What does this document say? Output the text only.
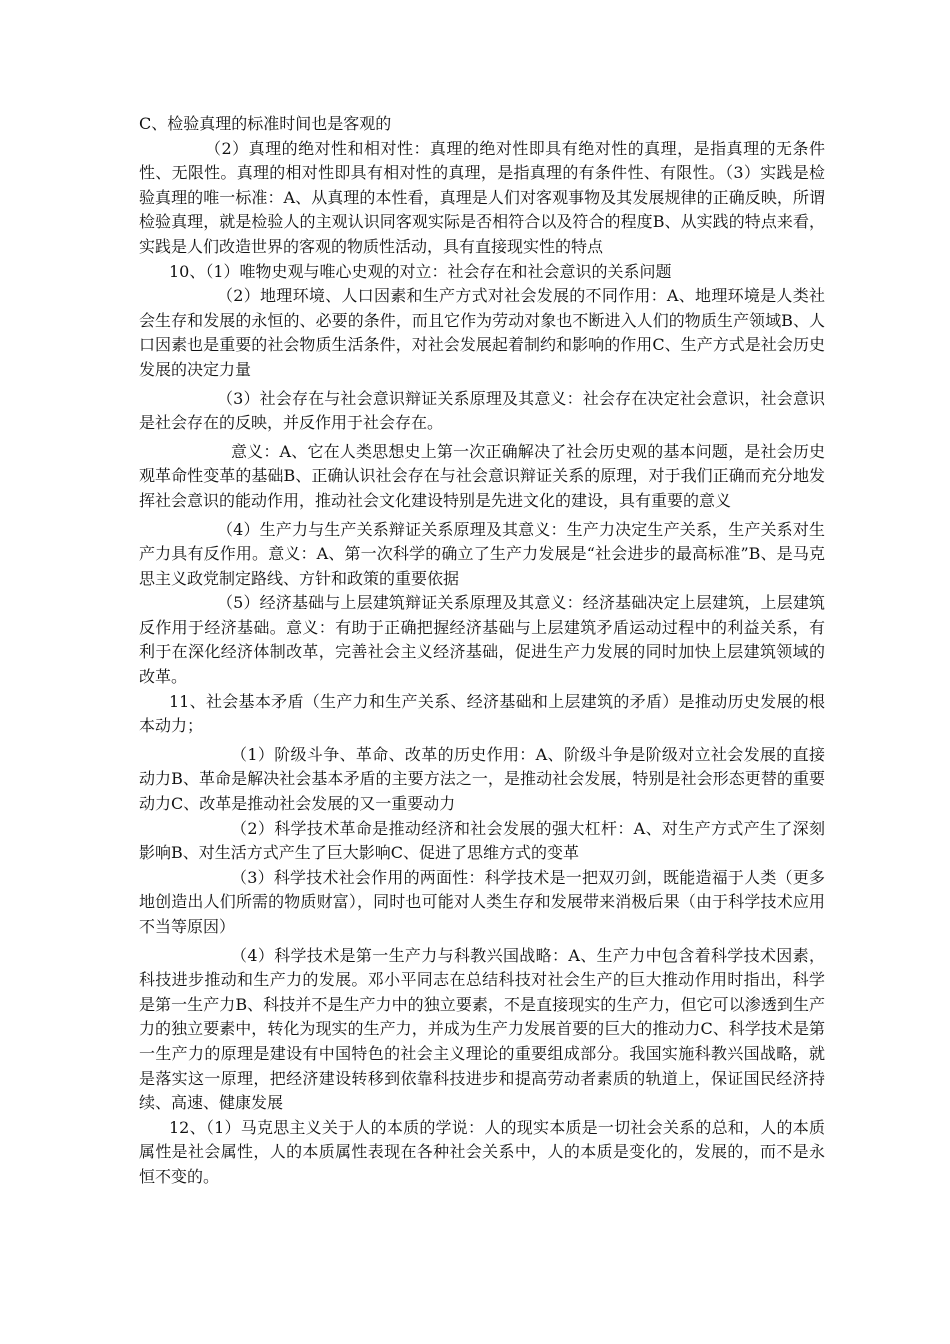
C、检验真理的标准时间也是客观的

（2）真理的绝对性和相对性：真理的绝对性即具有绝对性的真理，是指真理的无条件性、无限性。真理的相对性即具有相对性的真理，是指真理的有条件性、有限性。（3）实践是检验真理的唯一标准：A、从真理的本性看，真理是人们对客观事物及其发展规律的正确反映，所谓检验真理，就是检验人的主观认识同客观实际是否相符合以及符合的程度B、从实践的特点来看，实践是人们改造世界的客观的物质性活动，具有直接现实性的特点

10、（1）唯物史观与唯心史观的对立：社会存在和社会意识的关系问题

（2）地理环境、人口因素和生产方式对社会发展的不同作用：A、地理环境是人类社会生存和发展的永恒的、必要的条件，而且它作为劳动对象也不断进入人们的物质生产领域B、人口因素也是重要的社会物质生活条件，对社会发展起着制约和影响的作用C、生产方式是社会历史发展的决定力量

（3）社会存在与社会意识辩证关系原理及其意义：社会存在决定社会意识，社会意识是社会存在的反映，并反作用于社会存在。

意义：A、它在人类思想史上第一次正确解决了社会历史观的基本问题，是社会历史观革命性变革的基础B、正确认识社会存在与社会意识辩证关系的原理，对于我们正确而充分地发挥社会意识的能动作用，推动社会文化建设特别是先进文化的建设，具有重要的意义

（4）生产力与生产关系辩证关系原理及其意义：生产力决定生产关系，生产关系对生产力具有反作用。意义：A、第一次科学的确立了生产力发展是“社会进步的最高标准”B、是马克思主义政党制定路线、方针和政策的重要依据

（5）经济基础与上层建筑辩证关系原理及其意义：经济基础决定上层建筑，上层建筑反作用于经济基础。意义：有助于正确把握经济基础与上层建筑矛盾运动过程中的利益关系，有利于在深化经济体制改革，完善社会主义经济基础，促进生产力发展的同时加快上层建筑领域的改革。

11、社会基本矛盾（生产力和生产关系、经济基础和上层建筑的矛盾）是推动历史发展的根本动力；

（1）阶级斗争、革命、改革的历史作用：A、阶级斗争是阶级对立社会发展的直接动力B、革命是解决社会基本矛盾的主要方法之一，是推动社会发展，特别是社会形态更替的重要动力C、改革是推动社会发展的又一重要动力

（2）科学技术革命是推动经济和社会发展的强大杠杆：A、对生产方式产生了深刻影响B、对生活方式产生了巨大影响C、促进了思维方式的变革

（3）科学技术社会作用的两面性：科学技术是一把双刃剑，既能造福于人类（更多地创造出人们所需的物质财富），同时也可能对人类生存和发展带来消极后果（由于科学技术应用不当等原因）

（4）科学技术是第一生产力与科教兴国战略：A、生产力中包含着科学技术因素，科技进步推动和生产力的发展。邓小平同志在总结科技对社会生产的巨大推动作用时指出，科学是第一生产力B、科技并不是生产力中的独立要素，不是直接现实的生产力，但它可以渗透到生产力的独立要素中，转化为现实的生产力，并成为生产力发展首要的巨大的推动力C、科学技术是第一生产力的原理是建设有中国特色的社会主义理论的重要组成部分。我国实施科教兴国战略，就是落实这一原理，把经济建设转移到依靠科技进步和提高劳动者素质的轨道上，保证国民经济持续、高速、健康发展

12、（1）马克思主义关于人的本质的学说：人的现实本质是一切社会关系的总和，人的本质属性是社会属性，人的本质属性表现在各种社会关系中，人的本质是变化的，发展的，而不是永恒不变的。
